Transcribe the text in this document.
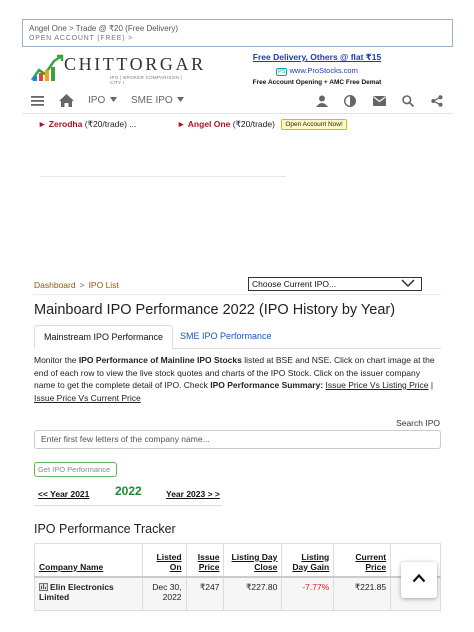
Angel One > Trade @ ₹20 (Free Delivery)
OPEN ACCOUNT (FREE) >
CHITTORGAR
IPO | BROKER COMPARISON | CITY I
Free Delivery, Others @ flat ₹15
PS www.ProStocks.com
Free Account Opening + AMC Free Demat
IPO	SME IPO
► Zerodha (₹20/trade) ...	► Angel One (₹20/trade) Open Account Now!
Dashboard > IPO List	Choose Current IPO...
Mainboard IPO Performance 2022 (IPO History by Year)
Mainstream IPO Performance	SME IPO Performance
Monitor the IPO Performance of Mainline IPO Stocks listed at BSE and NSE. Click on chart image at the end of each row to view the live stock quotes and charts of the IPO Stock. Click on the issuer company name to get the complete detail of IPO. Check IPO Performance Summary: Issue Price Vs Listing Price | Issue Price Vs Current Price
Search IPO
Enter first few letters of the company name...
Get IPO Performance
<< Year 2021 2022	Year 2023 > >
IPO Performance Tracker
Company Name	Listed On	Issue Price	Listing Day Close	Listing Day Gain	Current Price	

Elin Electronics Limited	Dec 30, 2022	₹247	₹227.80	-7.77%	₹221.85	
